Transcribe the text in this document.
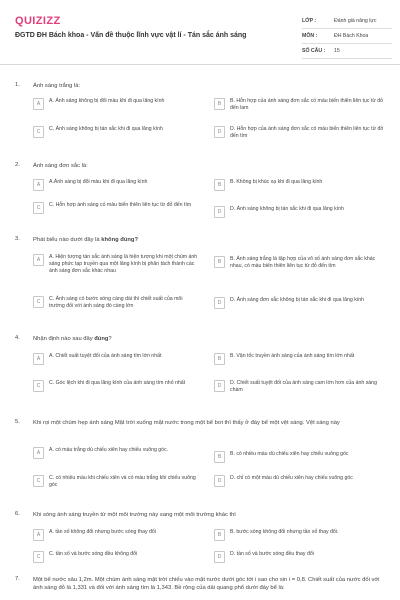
QUIZIZZ
ĐGTD ĐH Bách khoa - Vấn đề thuộc lĩnh vực vật lí - Tán sắc ánh sáng
LỚP :	Đánh giá năng lực
MÔN :	ĐH Bách Khoa
SỐ CÂU :	15
1. Ánh sáng trắng là:
A	A. Ánh sáng không bị đổi màu khi đi qua lăng kính	B	B. Hỗn hợp của ánh sáng đơn sắc có màu biến thiên liên tục từ đỏ đến lam
C	C. Ánh sáng không bị tán sắc khi đi qua lăng kính	D	D. Hỗn hợp của ánh sáng đơn sắc có màu biến thiên liên tục từ đỏ đến tím
2. Ánh sáng đơn sắc là:
A	A.Ánh sáng bị đổi màu khi đi qua lăng kính	B	B. Không bị khúc xạ khi đi qua lăng kính
C	C. Hỗn hợp ánh sáng có màu biến thiên liên tục từ đỏ đến tím
D	D. Ánh sáng không bị tán sắc khi đi qua lăng kính
3. Phát biểu nào dưới đây là không đúng?
A	A. Hiện tượng tán sắc ánh sáng là hiện tượng khi một chùm ánh sáng phức tạp truyền qua một lăng kính bị phân tách thành các ánh sáng đơn sắc khác nhau
B	B. Ánh sáng trắng là tập hợp của vô số ánh sáng đơn sắc khác nhau, có màu biến thiên liên tục từ đỏ đến tím
C	C. Ánh sáng có bước sóng càng dài thì chiết suất của môi trường đối với ánh sáng đó càng lớn	D	D. Ánh sáng đơn sắc không bị tán sắc khi đi qua lăng kính
4. Nhận định nào sau đây đúng?
A	A. Chiết suất tuyệt đối của ánh sáng tím lớn nhất	B	B. Vận tốc truyền ánh sáng của ánh sáng tím lớn nhất
C	C. Góc lệch khi đi qua lăng kính của ánh sáng tím nhỏ nhất	D	D. Chiết suất tuyệt đối của ánh sáng cam lớn hơn của ánh sáng chàm
5. Khi rọi một chùm hẹp ánh sáng Mặt trời xuống mặt nước trong một bể bơi thì thấy ở đáy bể một vệt sáng. Vệt sáng này
A	A. có màu trắng dù chiếu xiên hay chiếu vuông góc.
B	B. có nhiều màu dù chiếu xiên hay chiếu vuông góc
C	C. có nhiều màu khi chiếu xiên và có màu trắng khi chiếu vuông góc
D	D. chỉ có một màu dù chiếu xiên hay chiếu vuông góc
6. Khi sóng ánh sáng truyền từ một môi trường này sang một môi trường khác thì
A	A. tần số không đổi nhưng bước sóng thay đổi	B	B. bước sóng không đổi nhưng tần số thay đổi.
C	C. tần số và bước sóng đều không đổi	D	D. tần số và bước sóng đều thay đổi
7. Một bể nước sâu 1,2m. Một chùm ánh sáng mặt trời chiếu vào mặt nước dưới góc tới i sao cho sin i = 0,8. Chiết suất của nước đối với ánh sáng đỏ là 1,331 và đối với ánh sáng tím là 1,343. Bề rộng của dải quang phổ dưới đáy bể là:
